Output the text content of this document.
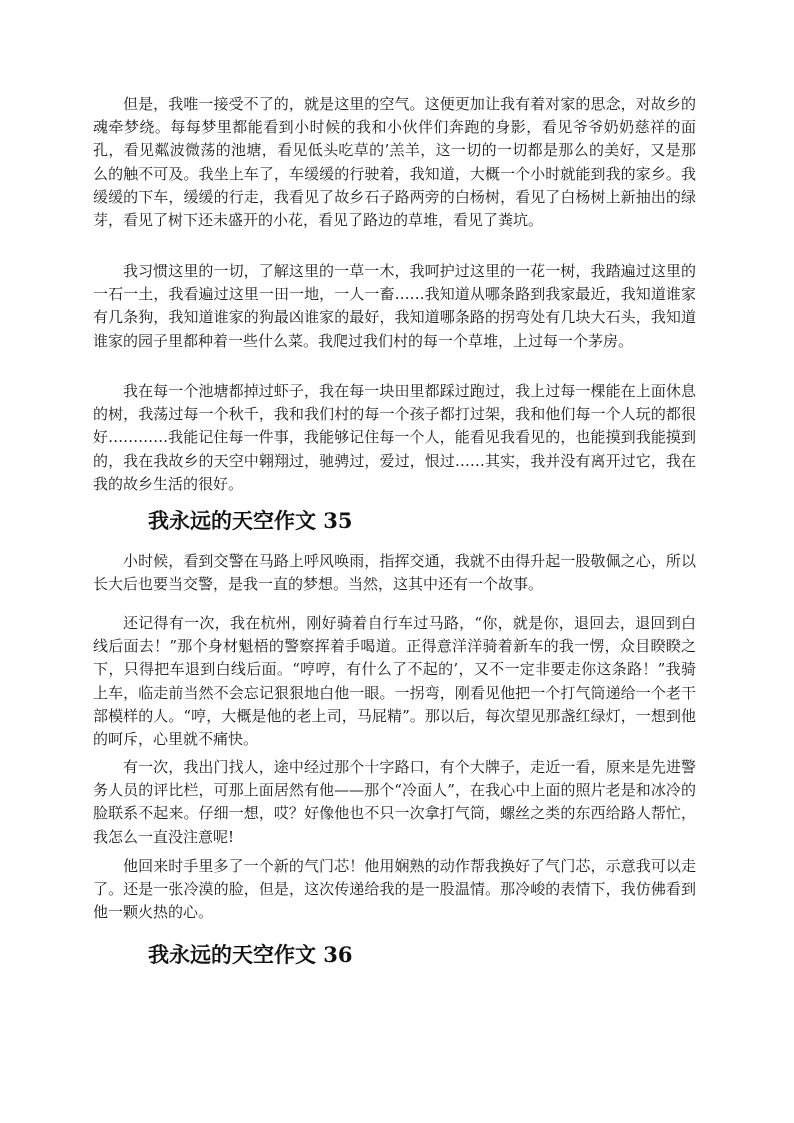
但是，我唯一接受不了的，就是这里的空气。这便更加让我有着对家的思念，对故乡的魂牵梦绕。每每梦里都能看到小时候的我和小伙伴们奔跑的身影，看见爷爷奶奶慈祥的面孔，看见粼波微荡的池塘，看见低头吃草的’羔羊，这一切的一切都是那么的美好，又是那么的触不可及。我坐上车了，车缓缓的行驶着，我知道，大概一个小时就能到我的家乡。我缓缓的下车，缓缓的行走，我看见了故乡石子路两旁的白杨树，看见了白杨树上新抽出的绿芽，看见了树下还未盛开的小花，看见了路边的草堆，看见了粪坑。

我习惯这里的一切，了解这里的一草一木，我呵护过这里的一花一树，我踏遍过这里的一石一土，我看遍过这里一田一地，一人一畜……我知道从哪条路到我家最近，我知道谁家有几条狗，我知道谁家的狗最凶谁家的最好，我知道哪条路的拐弯处有几块大石头，我知道谁家的园子里都种着一些什么菜。我爬过我们村的每一个草堆，上过每一个茅房。

我在每一个池塘都掉过虾子，我在每一块田里都踩过跑过，我上过每一棵能在上面休息的树，我荡过每一个秋千，我和我们村的每一个孩子都打过架，我和他们每一个人玩的都很好…………我能记住每一件事，我能够记住每一个人，能看见我看见的，也能摸到我能摸到的，我在我故乡的天空中翱翔过，驰骋过，爱过，恨过……其实，我并没有离开过它，我在我的故乡生活的很好。

我永远的天空作文 35

小时候，看到交警在马路上呼风唤雨，指挥交通，我就不由得升起一股敬佩之心，所以长大后也要当交警，是我一直的梦想。当然，这其中还有一个故事。

还记得有一次，我在杭州，刚好骑着自行车过马路，“你，就是你，退回去，退回到白线后面去！”那个身材魁梧的警察挥着手喝道。正得意洋洋骑着新车的我一愣，众目睽睽之下，只得把车退到白线后面。“哼哼，有什么了不起的’，又不一定非要走你这条路！”我骑上车，临走前当然不会忘记狠狠地白他一眼。一拐弯，刚看见他把一个打气筒递给一个老干部模样的人。“哼，大概是他的老上司，马屁精”。那以后，每次望见那盏红绿灯，一想到他的呵斥，心里就不痛快。

有一次，我出门找人，途中经过那个十字路口，有个大牌子，走近一看，原来是先进警务人员的评比栏，可那上面居然有他——那个“冷面人”，在我心中上面的照片老是和冰冷的脸联系不起来。仔细一想，哎？好像他也不只一次拿打气筒，螺丝之类的东西给路人帮忙，我怎么一直没注意呢!

他回来时手里多了一个新的气门芯！他用娴熟的动作帮我换好了气门芯，示意我可以走了。还是一张冷漠的脸，但是，这次传递给我的是一股温情。那冷峻的表情下，我仿佛看到他一颗火热的心。

我永远的天空作文 36
